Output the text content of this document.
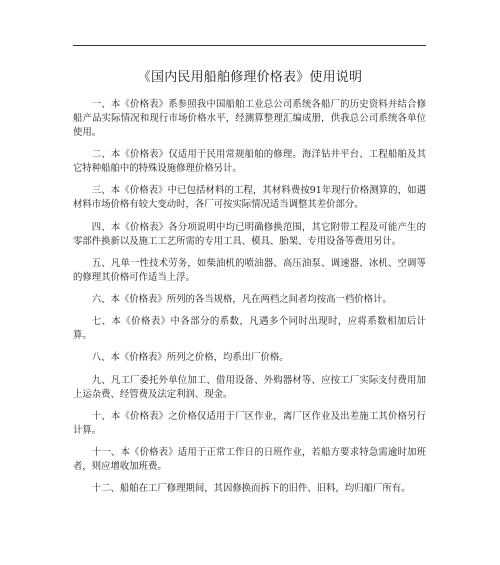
《国内民用船舶修理价格表》使用说明

一、本《价格表》系参照我中国船舶工业总公司系统各船厂的历史资料并结合修船产品实际情况和现行市场价格水平，经测算整理汇编成册，供我总公司系统各单位使用。

二、本《价格表》仅适用于民用常规船舶的修理。海洋钻井平台、工程船舶及其它特种船舶中的特殊设施修理价格另计。

三、本《价格表》中已包括材料的工程，其材料费按91年现行价格测算的，如遇材料市场价格有较大变动时，各厂可按实际情况适当调整其差价部分。

四、本《价格表》各分项说明中均已明确修换范围，其它附带工程及可能产生的零部件换新以及施工工艺所需的专用工具、模具、胎架、专用设备等费用另计。

五、凡单一性技术劳务，如柴油机的喷油器、高压油泵、调速器、冰机、空调等的修理其价格可作适当上浮。

六、本《价格表》所列的各当规格，凡在两档之间者均按高一档价格计。

七、本《价格表》中各部分的系数，凡遇多个同时出现时，应将系数相加后计算。

八、本《价格表》所列之价格，均系出厂价格。

九、凡工厂委托外单位加工、借用设备、外购器材等、应按工厂实际支付费用加上运杂费、经管费及法定利润、现金。

十、本《价格表》之价格仅适用于厂区作业，离厂区作业及出差施工其价格另行计算。

十一、本《价格表》适用于正常工作日的日班作业，若船方要求特急需逾时加班者，则应增收加班费。

十二、船舶在工厂修理期间，其因修换而拆下的旧件、旧料，均归船厂所有。
